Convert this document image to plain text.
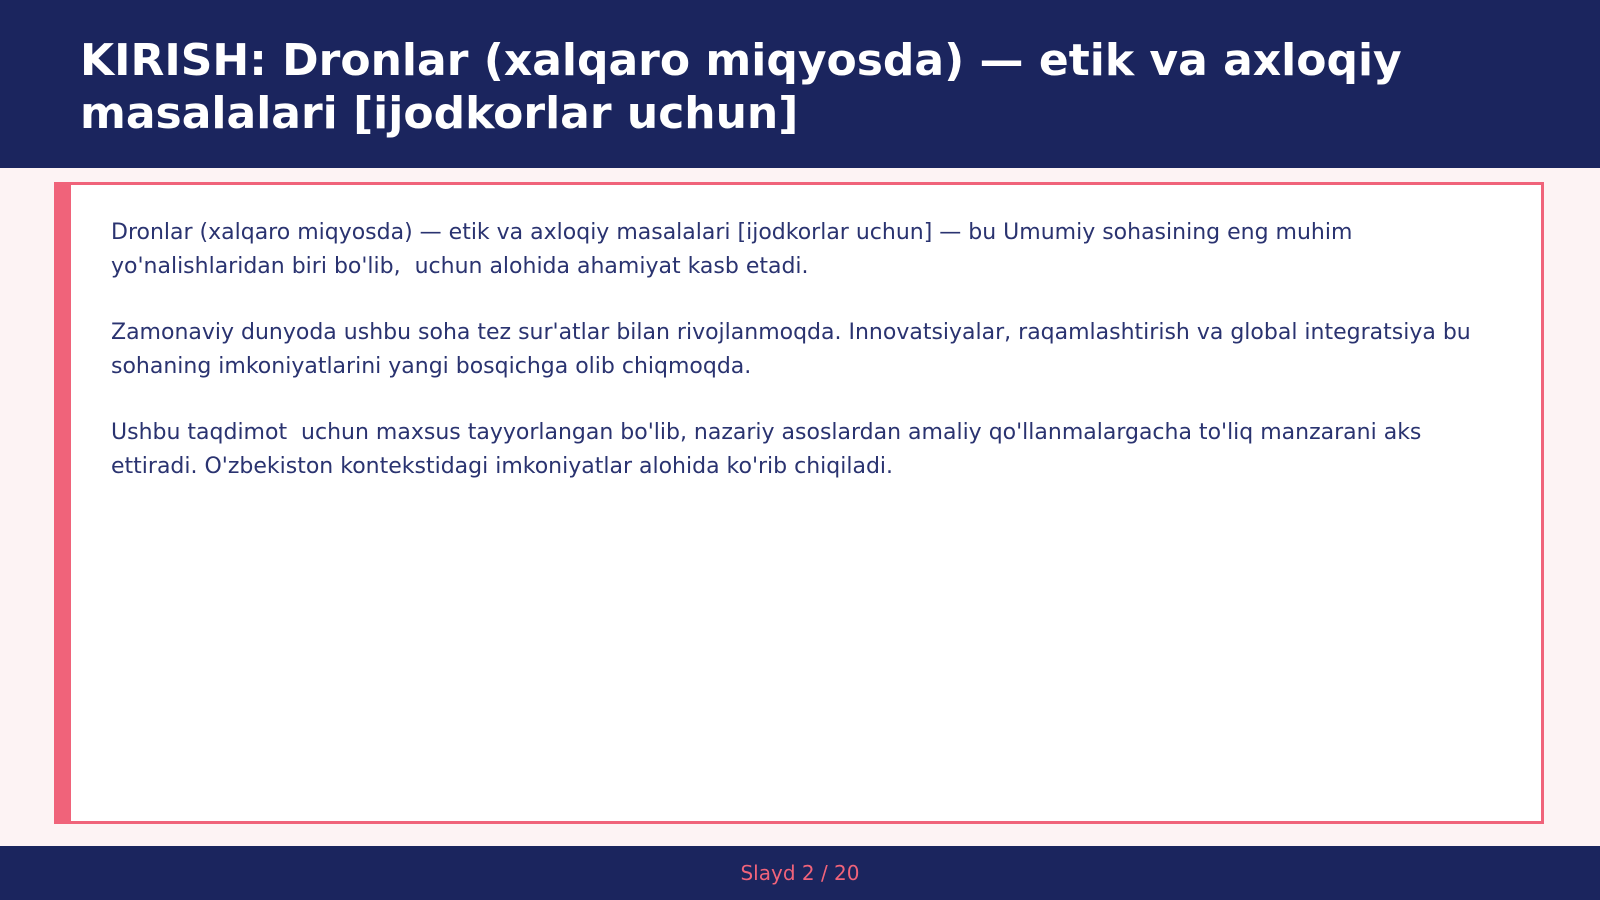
KIRISH: Dronlar (xalqaro miqyosda) — etik va axloqiy masalalari [ijodkorlar uchun]

Dronlar (xalqaro miqyosda) — etik va axloqiy masalalari [ijodkorlar uchun] — bu Umumiy sohasining eng muhim yo'nalishlaridan biri bo'lib,  uchun alohida ahamiyat kasb etadi.

Zamonaviy dunyoda ushbu soha tez sur'atlar bilan rivojlanmoqda. Innovatsiyalar, raqamlashtirish va global integratsiya bu sohaning imkoniyatlarini yangi bosqichga olib chiqmoqda.

Ushbu taqdimot  uchun maxsus tayyorlangan bo'lib, nazariy asoslardan amaliy qo'llanmalargacha to'liq manzarani aks ettiradi. O'zbekiston kontekstidagi imkoniyatlar alohida ko'rib chiqiladi.

Slayd 2 / 20
